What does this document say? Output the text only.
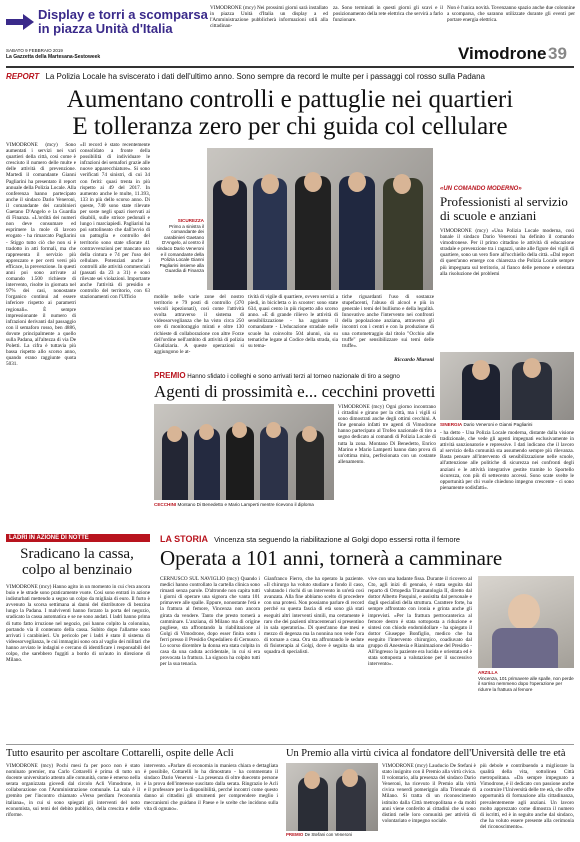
Display e torri a scomparsa
in piazza Unità d'Italia
VIMODRONE (mcy) Nei prossimi giorni sarà installato in piazza Unità d'Italia un display a ed l'Amministrazione pubblicherà informazioni utili alla cittadinan-
za. Sono terminati in questi giorni gli scavi e il posizionamento della rete elettrica che servirà a farlo funzionare.
Non è l'unica novità. Tovenzanno spazio anche due colonnine a scomparsa, che saranno utilizzate durante gli eventi per portare energia elettrica.
SABATO 9 FEBBRAIO 2019
La Gazzetta della Martesana-Sestoweek	Vimodrone 39
REPORT La Polizia Locale ha sviscerato i dati dell'ultimo anno. Sono sempre da record le multe per i passaggi col rosso sulla Padana
Aumentano controlli e pattuglie nei quartieri
E tolleranza zero per chi guida col cellulare
VIMODRONE (mcy) Sono aumentati i servizi nei vari quartieri della città, così come è cresciuto il numero delle multe e delle attività di prevenzione. Martedì il comandante Gianni Pagliarini ha presentato il report annuale della Polizia Locale. Alla conferenza hanno partecipato anche il sindaco Dario Veneroni, il comandante dei carabinieri Gaetano D'Angelo e la Guardia di Finanza. «L'orditá dei numeri non deve consumare ed esprimere la mole di lavoro erogato - ha rimarcato Pagliarini - Stiggo tutto ciò che non si è tradotto in atti formali, ma che rappresenta il servizio più apprezzato e per certi versi più efficace, la prevenzione. In questi anni poi sono arrivate al comando 1.500 richieste di intervento, risolte in giornata nel 97% dei casi, nonostante l'organico continui ad essere inferiore rispetto ai parametri regionali». È sempre impressionante il numero di infrazioni derivanti dal passaggio con il semaforo rosso, ben 4886, dovute principalmente a quello sulla Padana, all'altezza di via De Poletti. La cifra è tuttavia più bassa rispetto allo scorso anno, quando erano raggiunte quota 5031.
«Il record è stato recentemente consolidato a fronte della possibilità di individuare le infrazioni dei semafori grazie alle nuove apparecchiature». Si sono verificati 74 sinistri, di cui 34 con feriti: quasi trenta in più rispetto ai 49 del 2017. In aumento anche le multe, 11.393, 133 in più dello scorso anno. Di queste, 740 sono state rilevate per soste negli spazi riservati ai disabili, sulle strisce pedonali e lungo i marciapiedi. Pagliarini ha poi sottolineato che dall'avvio di un pattuglia e controllo del territorio sono state sfiorate 41 contravvenzioni per mancato uso della cintura e 74 per l'uso del cellulare. Potenziati anche i controlli alle attività commerciali (passati da 23 a 31) e sono rilevate sei violazioni. Importante anche l'attività di presidio e controllo del territorio, con 63 stazionamenti con l'Ufficio
SICUREZZA
Primo a sinistra il comandante dei carabinieri Gaetano D'Angelo, al centro il sindaco Dario Veneroni e il comandante della Polizia Locale Gianni Pagliarini insieme alla Guardia di Finanza
mobile nelle varie zone del nostro territorio e 79 posti di controllo (370 veicoli ispezionati), così come l'attività svolta attraverso il sistema di videosorveglianza che ha visto circa 250 ore di monitoraggio mirati e oltre 130 richieste di collaborazione con altre Forze dell'ordine nell'ambito di attività di polizia Giudiziaria. A queste operazioni si aggiungono le at-
tività di vigile di quartiere, ovvero servizi a piedi, in bicicletta o in scooter: sono state 634, quasi cento in più rispetto allo scorso anno. «E di grande rilievo le attività di sensibilizzazione - ha aggiunto il comandante - L'educazione stradale nelle scuole ha coinvolto 504 alunni, sia su tematiche legate al Codice della strada, sia su tema-
tiche riguardanti l'uso di sostanze stupefacenti, l'abuso di alcool e più in generale i temi del bullismo e della legalità. Innovativo anche l'intervento nei confronti della popolazione anziana, attraverso gli incontri con i centri e con la produzione di una cortometraggio dal titolo "Occhio alle truffe" per sensibilizzare sui temi delle truffe».
Riccardo Muroni
«UN COMANDO MODERNO»
Professionisti al servizio di scuole e anziani
VIMODRONE (mcy) «Una Polizia Locale moderna, così banale il sindaco Dario Veneroni ha definito il comando vimodronese. Per il primo cittadino le attività di educazione stradale e prevenzione tra i ragazzi, unite alle figure dei vigili di quartiere, sono un vero fiore all'occhiello della città. «Dal report di quest'anno emerge con chiarezza che Polizia Locale sempre più impegnata sul territorio, al fianco delle persone e orientata alla risoluzione dei problemi
SINERGIA Dario Veneroni e Gianni Pagliarini
- ha detto - Una Polizia Locale moderna, distante dalla visione tradizionale, che vede gli agenti impegnati esclusivamente in attività sanzionatorie e repressive. I dati indicano che il lavoro al servizio della comunità sta assumendo sempre più rilevanza. Basta pensare all'intervento di sensibilizzazione nelle scuole, all'attenzione alle politiche di sicurezza nei confronti degli anziani e le attività integrative gestite tramite lo Sportello sicurezza, con più di settecento accessi. Sono scate svelte le opportunità per chi vuole chiedono impegno crescente - ci sono pienamente sodisfatti».
PREMIO Hanno sfidato i colleghi e sono arrivati terzi al torneo nazionale di tiro a segno
Agenti di prossimità e... cecchini provetti
CECCHINI Montano Di Benedetto e Mario Lamperti mentre ricevono il diploma
VIMODRONE (mcy) Ogni giorno incontrano i cittadini e girano per la città, ma i vigili si sono dimostrati anche degli ottimi cecchini. A fine gennaio infatti tre agenti di Vimodrone hanno partecipato al Trofeo nazionale di tiro a segno dedicato ai comandi di Polizia Locale di tutta la zona. Montano Di Benedetto, Enrico Marino e Mario Lamperti hanno dato prova di un'ottima mira, perfezionata con un costante allenamento.
LADRI IN AZIONE DI NOTTE
Sradicano la cassa, colpo al benzinaio
VIMODRONE (mcy) Hanno agito in un momento in cui c'era ancora buio e le strade sono praticamente vuote. Così sono entrati in azione indisturbati mettendo a segno un colpo da migliaia di euro. Il furto è avvenuto la scorsa settimana ai danni del distributore di benzina lungo la Padana. I malviventi hanno forzato la porta del negozio, sradicato la cassa automatica e se ne sono andati. I ladri hanno prima di tutto fatto irruzione nel negozio, poi hanno colpito la colonnina, portando via il contenuto della cassa. Subito dopo l'allarme sono arrivati i carabinieri. Un pericolo per i ladri è stato il sistema di videosorveglianza, le cui immagini sono ora al vaglio dei militari che hanno avviato le indagini e cercano di identificare i responsabili del colpo, che sarebbero fuggiti a bordo di un'auto in direzione di Milano.
LA STORIA Vincenza sta seguendo la riabilitazione al Golgi dopo essersi rotta il femore
Operata a 101 anni, tornerà a camminare
CERNUSCO SUL NAVIGLIO (mcy) Quando i medici hanno controllato la cartella clinica sono rimasti senza parole. D'altronde non capita tutti i giorni di operare una signora che vanta 101 primavere alle spalle. Eppure, nonostante l'età e la frattura al femore, Vincenza non ancora girata da vendere. Tanto che presto tornerà a camminare. L'anziana, di Milano ma di origine pugliese, sta affrontando la riabilitazione al Golgi di Vimodrone, dopo esser finita sotto i ferri presso il Presidio Ospedaliero di Cernusco. Lo scorso dicembre la donna era stata colpita in casa da una caduta accidentale, in cui si era provocata la frattura. La signora ha colpito tutti per la sua tenacia.
Gianfranco Fierro, che ha operato la paziente. «Il chirurgo ha voluto studiare a fondo il caso, valutando i rischi di un intervento in un'età così avanzata. Alla fine abbiamo scelto di procedere con una protesi. Non possiamo parlare di record perché su questa fascia di età sono già stati eseguiti altri interventi simili, ma certamente è raro che dei pazienti ultracentenari si presentino in sala operatoria». Di quest'anno due mesi e mezzo di degenza ma la nonnina non vede l'ora di tornare a casa. Ora sta affrontando le sedute di fisioterapia al Golgi, dove è seguita da una squadra di specialisti.
vive con una badante fissa. Durante il ricovero al Cto, agli inizi di gennaio, è stata seguita dal reparto di Ortopedia Traumatologia II, diretto dal dottor Alberto Pasquini, e assistita dal personale e dagli specialisti della struttura. Carattere forte, ha sempre affrontato con ironia e grinta anche gli imprevisti. «Per la frattura pertrocanterica al femore destro è stata sottoposta a riduzione e sintesi con chiodo endomidollare - ha spiegato il dottor Giuseppe Bonfiglio, medico che ha eseguito l'intervento chirurgico, coadiuvato dal gruppo di Anestesia e Rianimazione del Presidio - All'ingresso la paziente era lucida e orientata ed è stata sottoposta a valutazione per il successivo intervento».
ARZILLA
Vincenza, 101 primavere alle spalle, non perde il sorriso nemmeno dopo l'operazione per ridurre la frattura al femore
Tutto esaurito per ascoltare Cottarelli, ospite delle Acli
VIMODRONE (mcy) Pochi mesi fa per poco non è stato nominato premier, ma Carlo Cottarelli è prima di tutto un docente universitario attento alle comunità, come è emerso nella serata organizzata giovedì dal circolo Acli Vimodrone, in collaborazione con l'Amministrazione comunale. La sala è il gremito per l'incontro chiamato «Verso perdiam l'economia italiana», in cui si sono spiegati gli interventi del noto economista, sui temi del debito pubblico, della crescita e delle riforme.
intervento. «Parlare di economia in maniera chiara e dettagliata è possibile, Cottarelli lo ha dimostrato - ha commentato il sindaco Dario Veneroni - La presenza di oltre duecento persone è la prova dell'interesse suscitato dalla serata. Ringrazio le Acli e il professore per la disponibilità, perché incontri come questo danno ai cittadini gli strumenti per comprendere meglio i meccanismi che guidano il Paese e le scelte che incidono sulla vita di ognuno».
Un Premio alla virtù civica al fondatore dell'Università delle tre età
PREMIO De Stefani con Veneroni
VIMODRONE (mcy) Lauducio De Stefani è stato insignito con il Premio alla virtù civica. Il volontario, alla presenza del sindaco Dario Veneroni, ha ricevuto il Premio alla virtù civica venerdì pomeriggio alla Triennale di Milano. Si tratta di un riconoscimento istituito dalla Città metropolitana e da molti anni viene conferito ai cittadini che si sono distinti nelle loro comunità per attività di volontariato e impegno sociale.
più debole e contribuendo a migliorare la qualità della vita, sottolinea Città metropolitana. «Da sempre impegnato a Vimodrone, è il dedicato con passione anche a costruire l'Università delle tre età, che offre opportunità di formazione alla cittadinanza, prevalentemente agli anziani. Un lavoro molto apprezzato come dimostra il numero di iscritti, ed è in seguito anche dal sindaco, che ha voluto essere presente alla cerimonia del riconoscimento».
